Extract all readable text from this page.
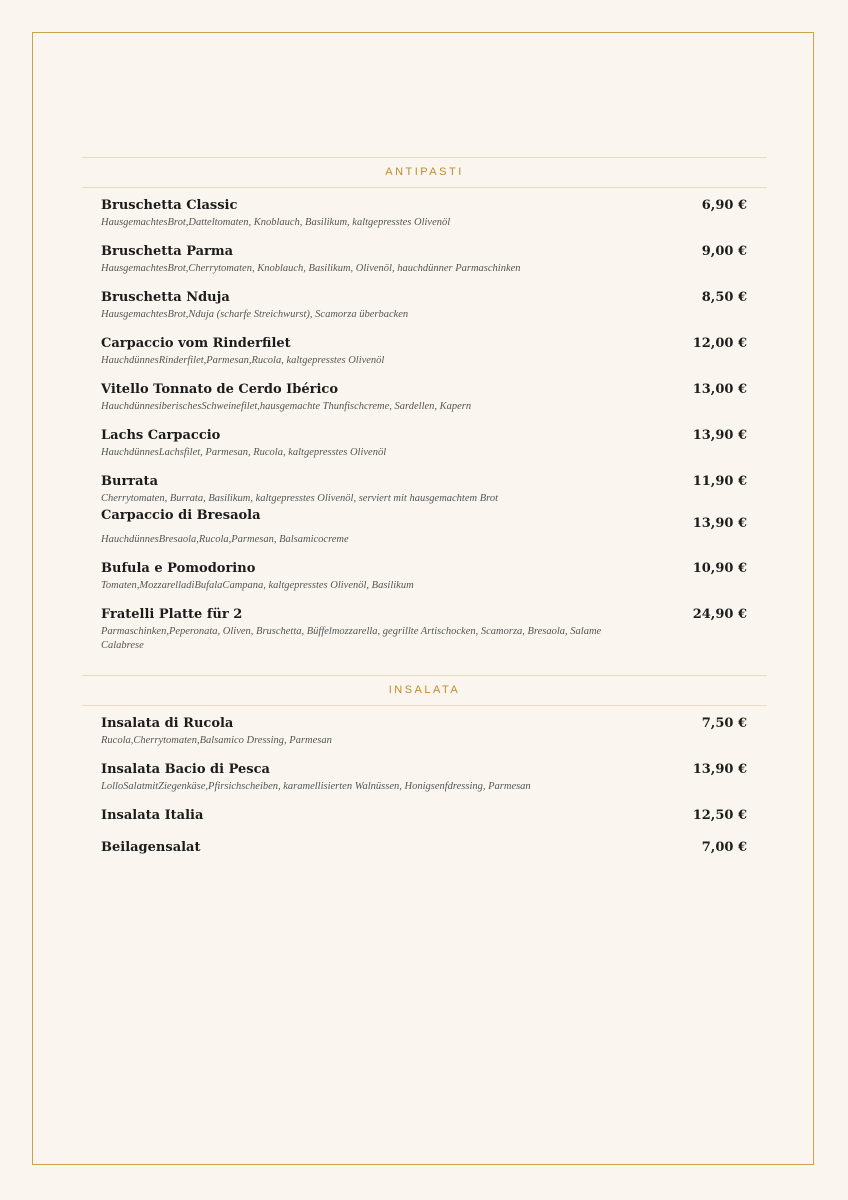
ANTIPASTI
Bruschetta Classic
HausgemachtesBrot,Datteltomaten, Knoblauch, Basilikum, kaltgepresstes Olivenöl
6,90 €
Bruschetta Parma
HausgemachtesBrot,Cherrytomaten, Knoblauch, Basilikum, Olivenöl, hauchdünner Parmaschinken
9,00 €
Bruschetta Nduja
HausgemachtesBrot,Nduja (scharfe Streichwurst), Scamorza überbacken
8,50 €
Carpaccio vom Rinderfilet
HauchdünnesRinderfilet,Parmesan,Rucola, kaltgepresstes Olivenöl
12,00 €
Vitello Tonnato de Cerdo Ibérico
HauchdünnesiberischesSchweinefilet,hausgemachte Thunfischcreme, Sardellen, Kapern
13,00 €
Lachs Carpaccio
HauchdünnesLachsfilet, Parmesan, Rucola, kaltgepresstes Olivenöl
13,90 €
Burrata
Cherrytomaten, Burrata, Basilikum, kaltgepresstes Olivenöl, serviert mit hausgemachtem Brot
11,90 €
Carpaccio di Bresaola
HauchdünnesBresaola,Rucola,Parmesan, Balsamicocreme
13,90 €
Bufula e Pomodorino
Tomaten,MozzarelladiBufalaCampana, kaltgepresstes Olivenöl, Basilikum
10,90 €
Fratelli Platte für 2
Parmaschinken,Peperonata, Oliven, Bruschetta, Büffelmozzarella, gegrillte Artischocken, Scamorza, Bresaola, Salame Calabrese
24,90 €
INSALATA
Insalata di Rucola
Rucola,Cherrytomaten,Balsamico Dressing, Parmesan
7,50 €
Insalata Bacio di Pesca
LolloSalatmitZiegenkäse,Pfirsichscheiben, karamellisierten Walnüssen, Honigsenfdressing, Parmesan
13,90 €
Insalata Italia	12,50 €
Beilagensalat	7,00 €
